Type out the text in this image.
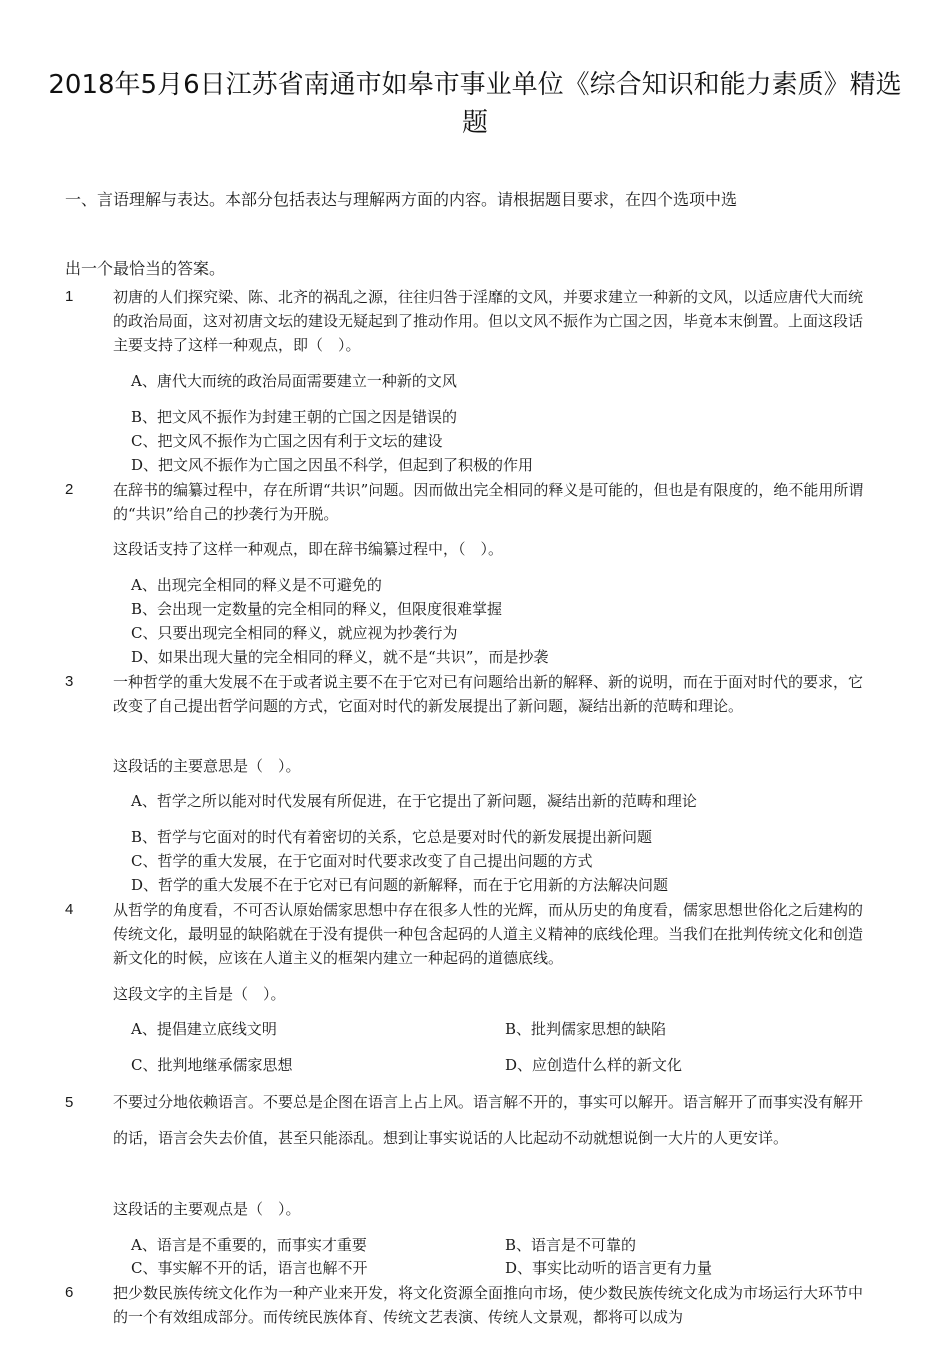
2018年5月6日江苏省南通市如皋市事业单位《综合知识和能力素质》精选题
一、言语理解与表达。本部分包括表达与理解两方面的内容。请根据题目要求，在四个选项中选
出一个最恰当的答案。
1	初唐的人们探究梁、陈、北齐的祸乱之源，往往归咎于淫靡的文风，并要求建立一种新的文风，以适应唐代大而统的政治局面，这对初唐文坛的建设无疑起到了推动作用。但以文风不振作为亡国之因，毕竟本末倒置。上面这段话主要支持了这样一种观点，即（　）。
A、唐代大而统的政治局面需要建立一种新的文风
B、把文风不振作为封建王朝的亡国之因是错误的
C、把文风不振作为亡国之因有利于文坛的建设
D、把文风不振作为亡国之因虽不科学，但起到了积极的作用
2	在辞书的编纂过程中，存在所谓“共识”问题。因而做出完全相同的释义是可能的，但也是有限度的，绝不能用所谓的“共识”给自己的抄袭行为开脱。
这段话支持了这样一种观点，即在辞书编纂过程中，（　）。
A、出现完全相同的释义是不可避免的
B、会出现一定数量的完全相同的释义，但限度很难掌握
C、只要出现完全相同的释义，就应视为抄袭行为
D、如果出现大量的完全相同的释义，就不是“共识”，而是抄袭
3	一种哲学的重大发展不在于或者说主要不在于它对已有问题给出新的解释、新的说明，而在于面对时代的要求，它改变了自己提出哲学问题的方式，它面对时代的新发展提出了新问题，凝结出新的范畴和理论。
这段话的主要意思是（　）。
A、哲学之所以能对时代发展有所促进，在于它提出了新问题，凝结出新的范畴和理论
B、哲学与它面对的时代有着密切的关系，它总是要对时代的新发展提出新问题
C、哲学的重大发展，在于它面对时代要求改变了自己提出问题的方式
D、哲学的重大发展不在于它对已有问题的新解释，而在于它用新的方法解决问题
4	从哲学的角度看，不可否认原始儒家思想中存在很多人性的光辉，而从历史的角度看，儒家思想世俗化之后建构的传统文化，最明显的缺陷就在于没有提供一种包含起码的人道主义精神的底线伦理。当我们在批判传统文化和创造新文化的时候，应该在人道主义的框架内建立一种起码的道德底线。
这段文字的主旨是（　）。
A、提倡建立底线文明	B、批判儒家思想的缺陷
C、批判地继承儒家思想	D、应创造什么样的新文化
5	不要过分地依赖语言。不要总是企图在语言上占上风。语言解不开的，事实可以解开。语言解开了而事实没有解开的话，语言会失去价值，甚至只能添乱。想到让事实说话的人比起动不动就想说倒一大片的人更安详。
这段话的主要观点是（　）。
A、语言是不重要的，而事实才重要	B、语言是不可靠的
C、事实解不开的话，语言也解不开	D、事实比动听的语言更有力量
6	把少数民族传统文化作为一种产业来开发，将文化资源全面推向市场，使少数民族传统文化成为市场运行大环节中的一个有效组成部分。而传统民族体育、传统文艺表演、传统人文景观，都将可以成为
